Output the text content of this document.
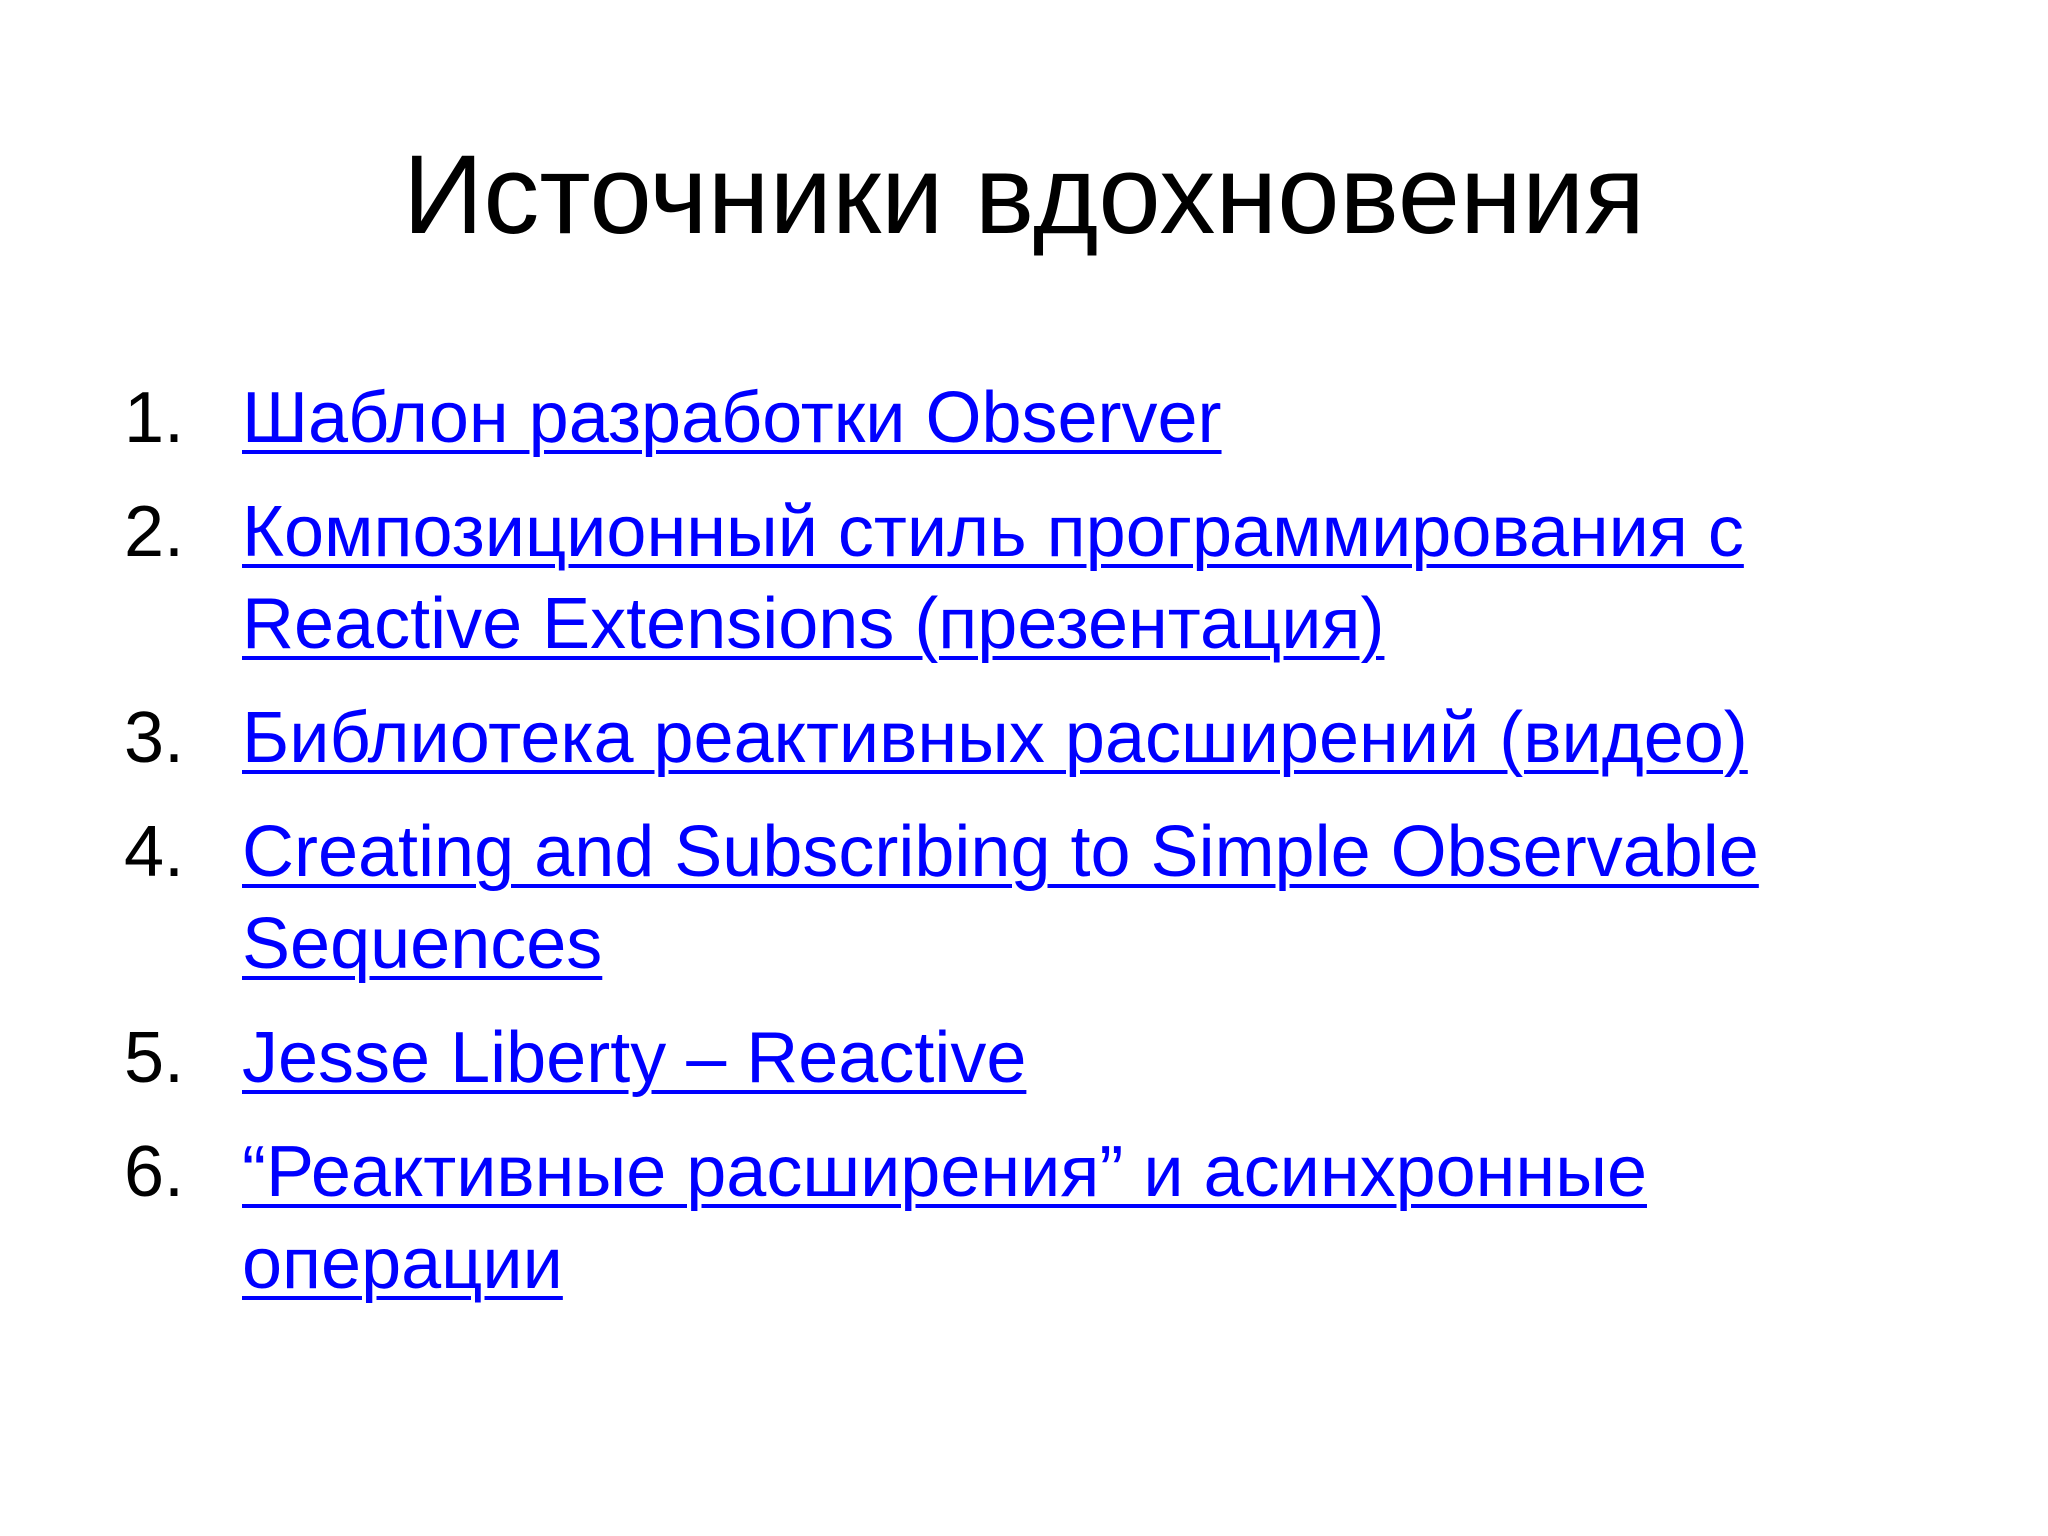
Источники вдохновения
1. Шаблон разработки Observer
2. Композиционный стиль программирования с Reactive Extensions (презентация)
3. Библиотека реактивных расширений (видео)
4. Creating and Subscribing to Simple Observable Sequences
5. Jesse Liberty – Reactive
6. “Реактивные расширения” и асинхронные операции
